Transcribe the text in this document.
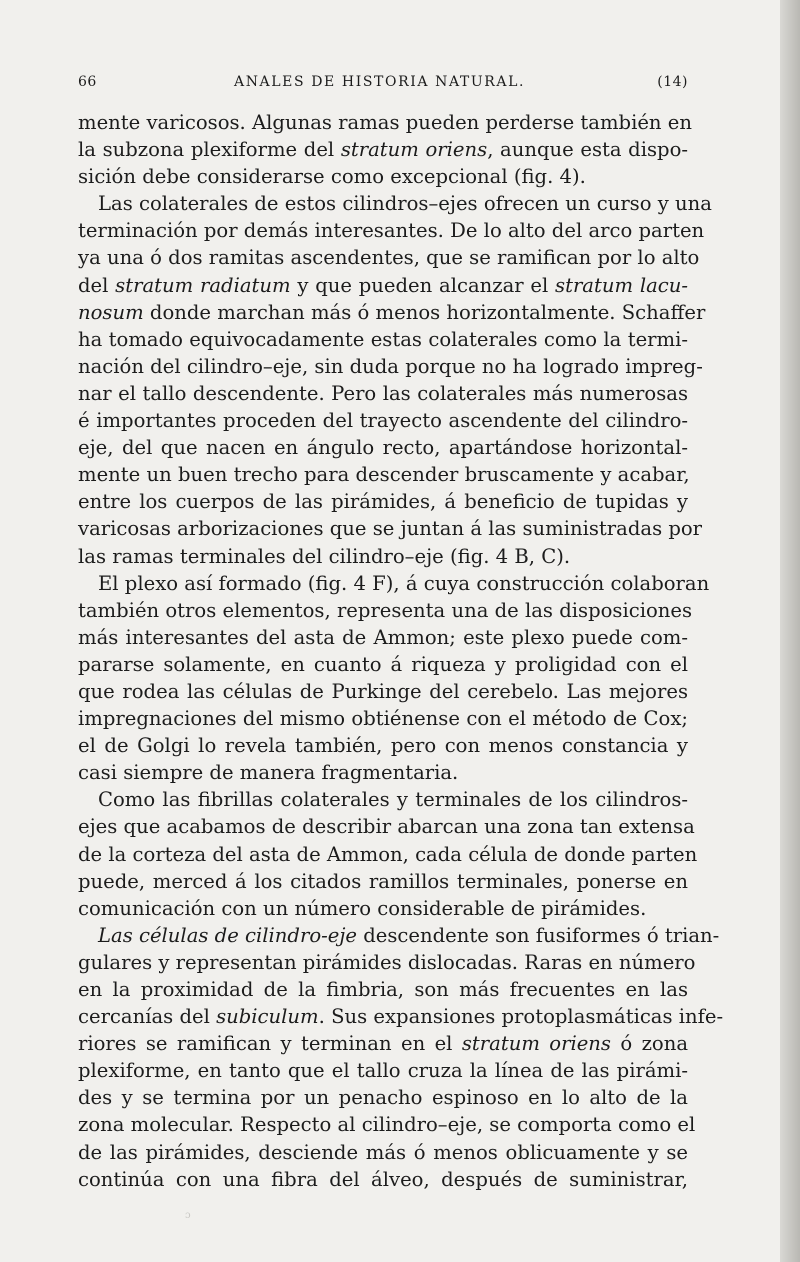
66	ANALES DE HISTORIA NATURAL.	(14)
mente varicosos. Algunas ramas pueden perderse también en
la subzona plexiforme del stratum oriens, aunque esta dispo-
sición debe considerarse como excepcional (fig. 4).
Las colaterales de estos cilindros–ejes ofrecen un curso y una
terminación por demás interesantes. De lo alto del arco parten
ya una ó dos ramitas ascendentes, que se ramifican por lo alto
del stratum radiatum y que pueden alcanzar el stratum lacu-
nosum donde marchan más ó menos horizontalmente. Schaffer
ha tomado equivocadamente estas colaterales como la termi-
nación del cilindro–eje, sin duda porque no ha logrado impreg-
nar el tallo descendente. Pero las colaterales más numerosas
é importantes proceden del trayecto ascendente del cilindro-
eje, del que nacen en ángulo recto, apartándose horizontal-
mente un buen trecho para descender bruscamente y acabar,
entre los cuerpos de las pirámides, á beneficio de tupidas y
varicosas arborizaciones que se juntan á las suministradas por
las ramas terminales del cilindro–eje (fig. 4 B, C).
El plexo así formado (fig. 4 F), á cuya construcción colaboran
también otros elementos, representa una de las disposiciones
más interesantes del asta de Ammon; este plexo puede com-
pararse solamente, en cuanto á riqueza y proligidad con el
que rodea las células de Purkinge del cerebelo. Las mejores
impregnaciones del mismo obtiénense con el método de Cox;
el de Golgi lo revela también, pero con menos constancia y
casi siempre de manera fragmentaria.
Como las fibrillas colaterales y terminales de los cilindros-
ejes que acabamos de describir abarcan una zona tan extensa
de la corteza del asta de Ammon, cada célula de donde parten
puede, merced á los citados ramillos terminales, ponerse en
comunicación con un número considerable de pirámides.
Las células de cilindro-eje descendente son fusiformes ó trian-
gulares y representan pirámides dislocadas. Raras en número
en la proximidad de la fimbria, son más frecuentes en las
cercanías del subiculum. Sus expansiones protoplasmáticas infe-
riores se ramifican y terminan en el stratum oriens ó zona
plexiforme, en tanto que el tallo cruza la línea de las pirámi-
des y se termina por un penacho espinoso en lo alto de la
zona molecular. Respecto al cilindro–eje, se comporta como el
de las pirámides, desciende más ó menos oblicuamente y se
continúa con una fibra del álveo, después de suministrar,
ɔ
